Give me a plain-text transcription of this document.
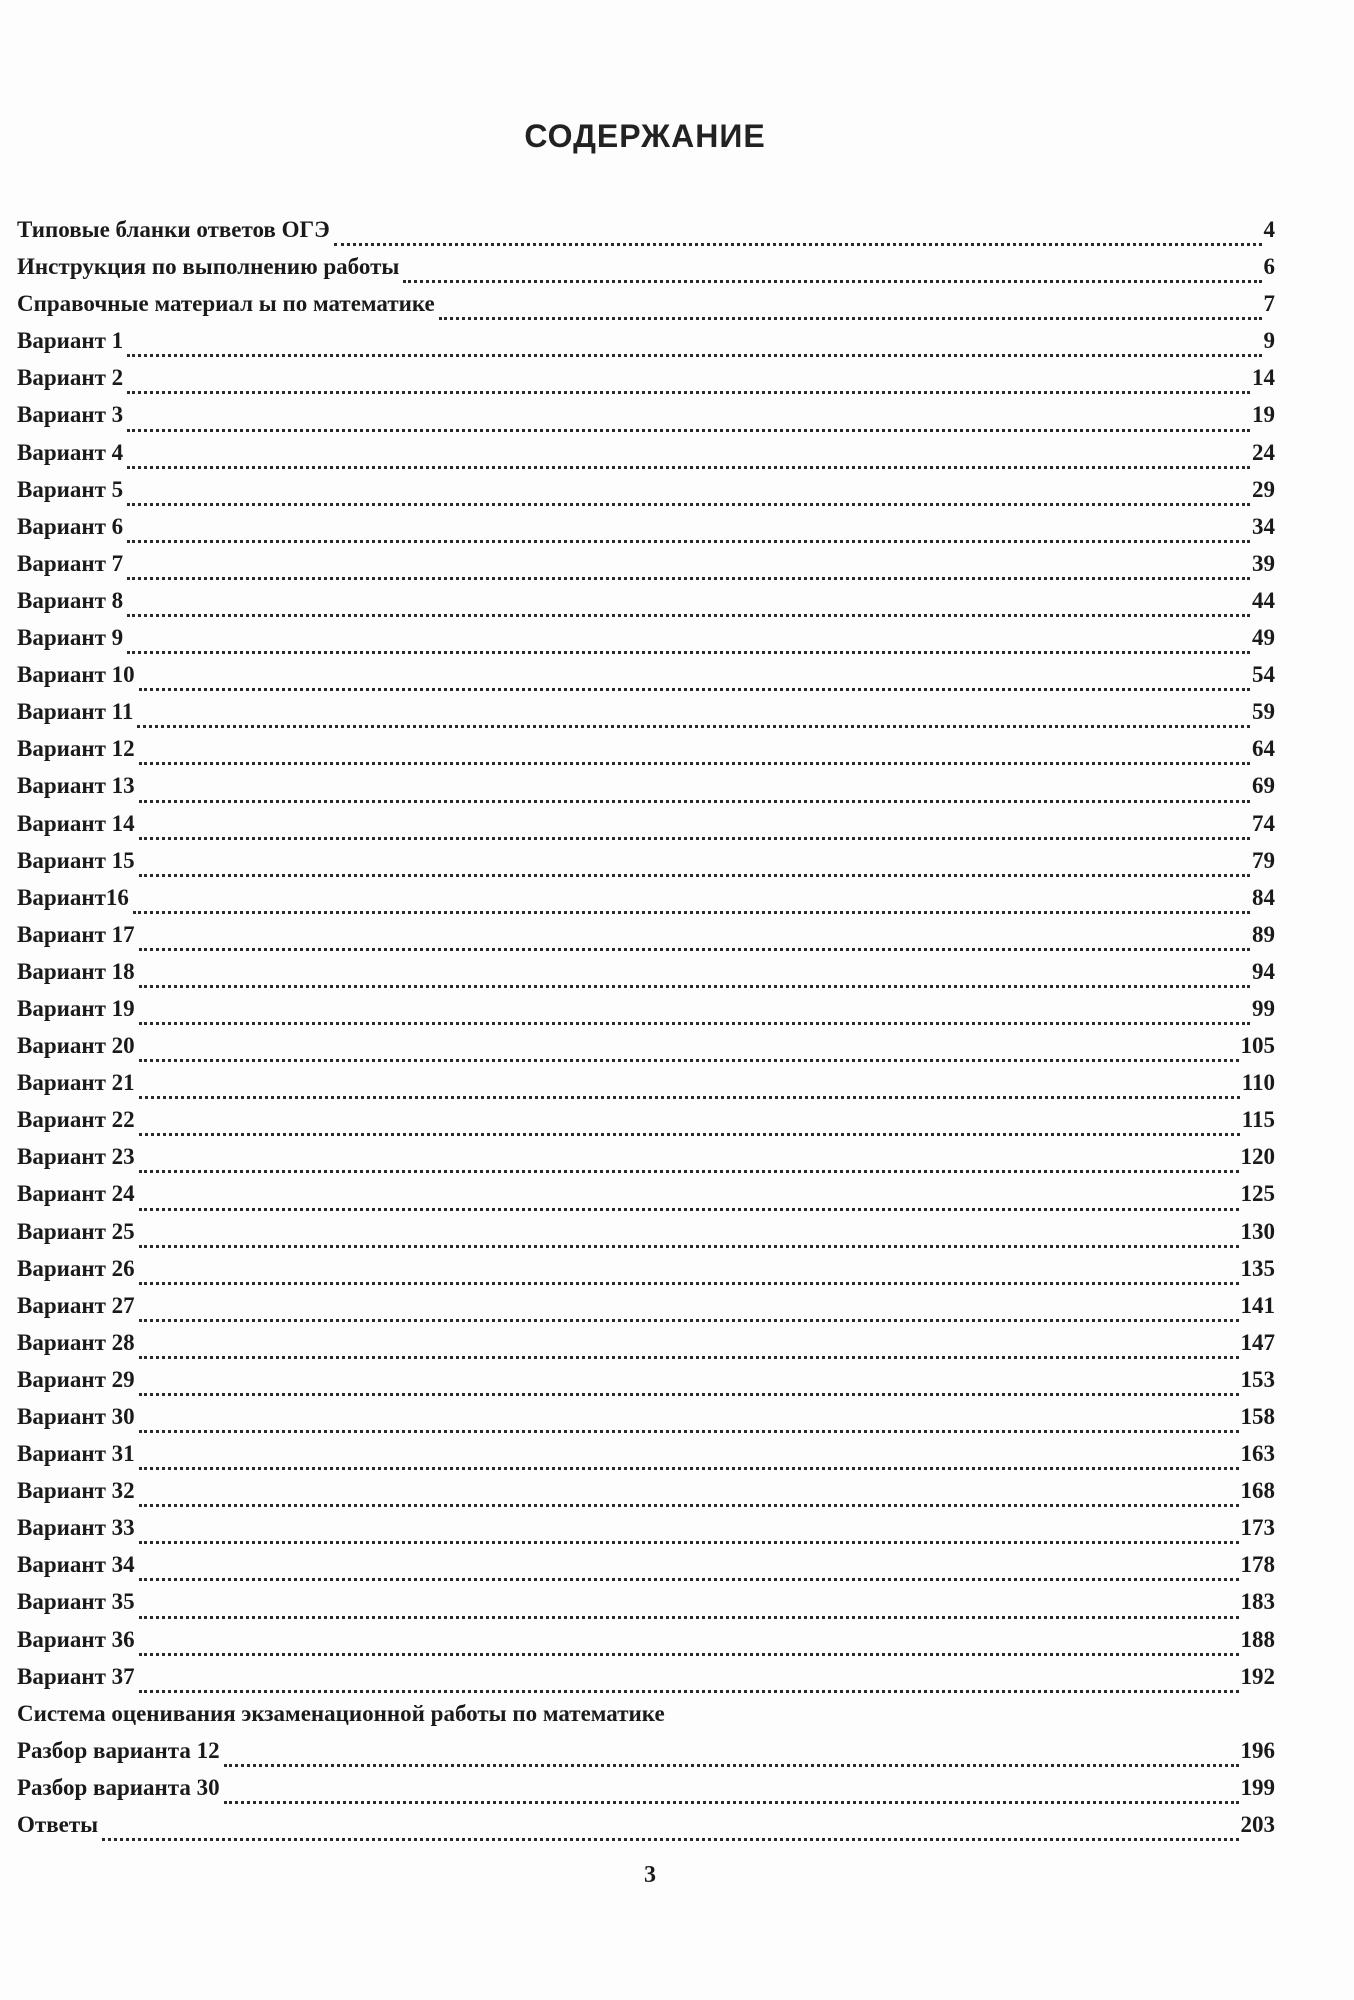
СОДЕРЖАНИЕ
Типовые бланки ответов ОГЭ	4
Инструкция по выполнению работы	6
Справочные материал ы по математике	7
Вариант 1	9
Вариант 2	14
Вариант 3	19
Вариант 4	24
Вариант 5	29
Вариант 6	34
Вариант 7	39
Вариант 8	44
Вариант 9	49
Вариант 10	54
Вариант 11	59
Вариант 12	64
Вариант 13	69
Вариант 14	74
Вариант 15	79
Вариант16	84
Вариант 17	89
Вариант 18	94
Вариант 19	99
Вариант 20	105
Вариант 21	110
Вариант 22	115
Вариант 23	120
Вариант 24	125
Вариант 25	130
Вариант 26	135
Вариант 27	141
Вариант 28	147
Вариант 29	153
Вариант 30	158
Вариант 31	163
Вариант 32	168
Вариант 33	173
Вариант 34	178
Вариант 35	183
Вариант 36	188
Вариант 37	192
Система оценивания экзаменационной работы по математике
Разбор варианта 12	196
Разбор варианта 30	199
Ответы	203
3
